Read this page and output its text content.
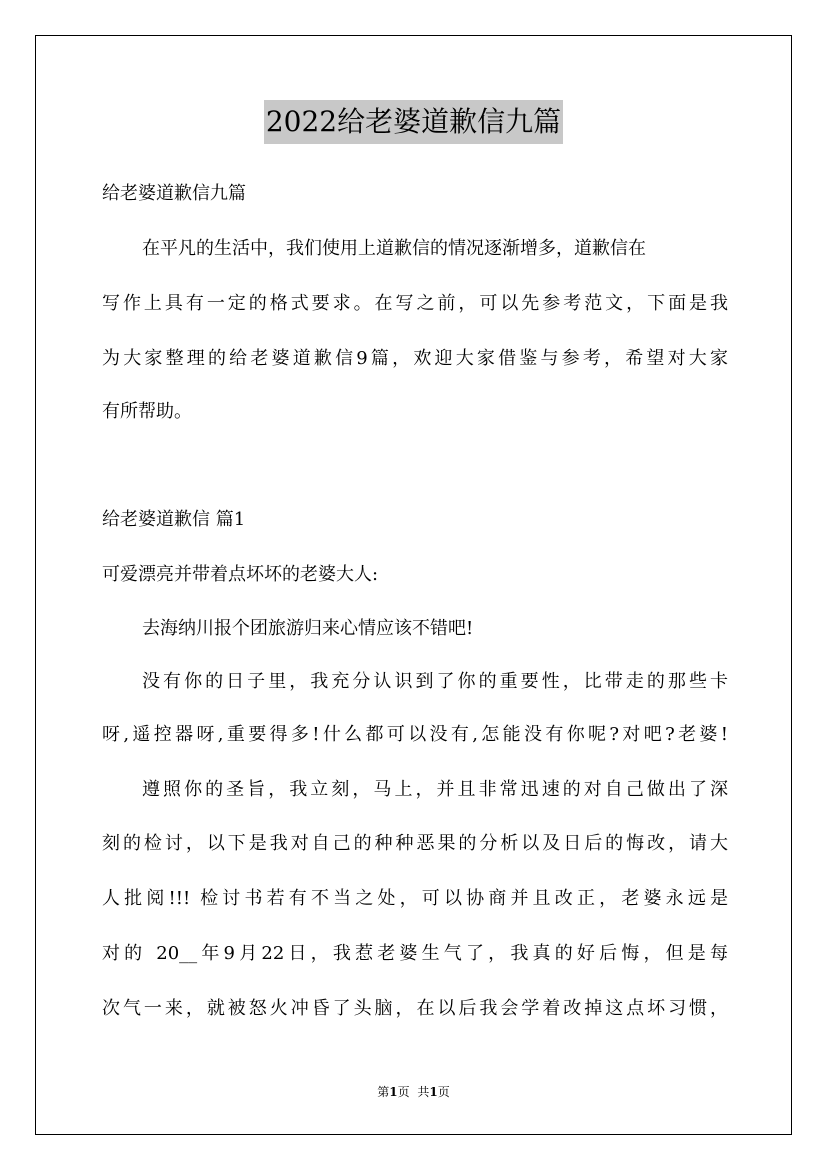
2022给老婆道歉信九篇
给老婆道歉信九篇
在平凡的生活中，我们使用上道歉信的情况逐渐增多，道歉信在
写作上具有一定的格式要求。在写之前，可以先参考范文，下面是我
为大家整理的给老婆道歉信9篇，欢迎大家借鉴与参考，希望对大家
有所帮助。
给老婆道歉信 篇1
可爱漂亮并带着点坏坏的老婆大人:
去海纳川报个团旅游归来心情应该不错吧!
没有你的日子里，我充分认识到了你的重要性，比带走的那些卡
呀,遥控器呀,重要得多!什么都可以没有,怎能没有你呢?对吧?老婆!
遵照你的圣旨，我立刻，马上，并且非常迅速的对自己做出了深
刻的检讨，以下是我对自己的种种恶果的分析以及日后的悔改，请大
人批阅!!! 检讨书若有不当之处，可以协商并且改正，老婆永远是
对的 20__年9月22日，我惹老婆生气了，我真的好后悔，但是每
次气一来，就被怒火冲昏了头脑，在以后我会学着改掉这点坏习惯，
第1页 共1页
